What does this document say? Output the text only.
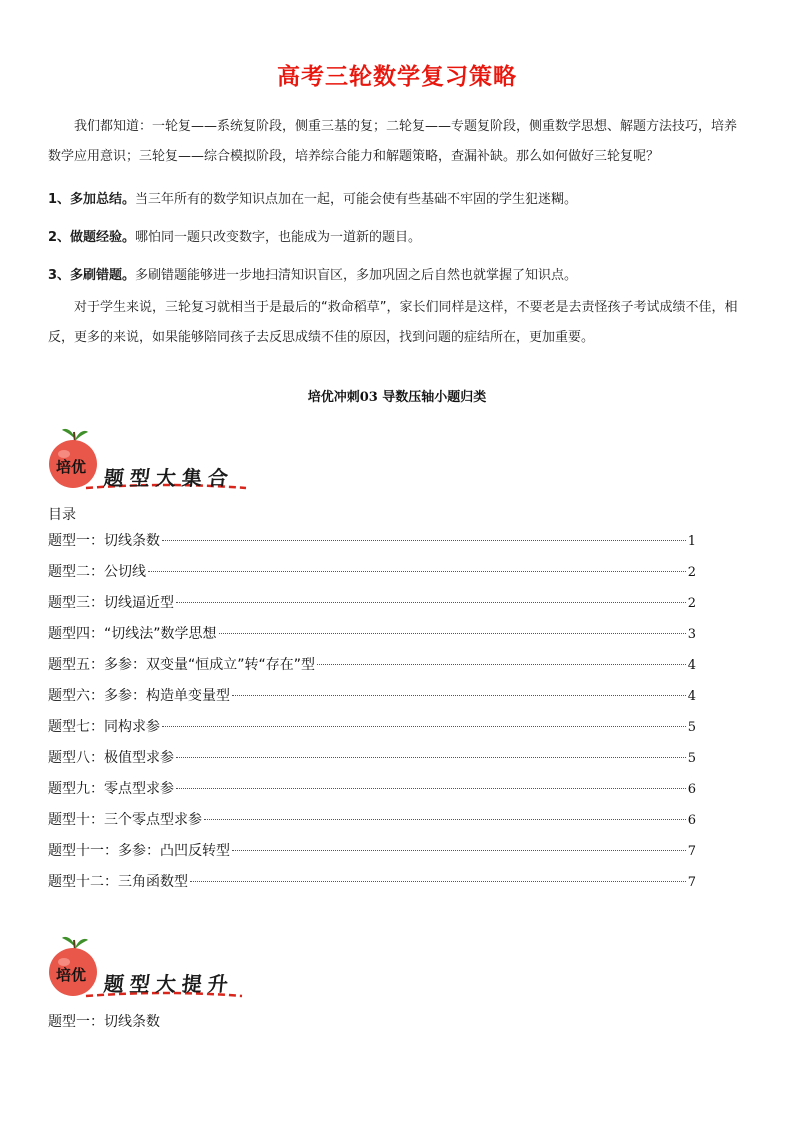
高考三轮数学复习策略
我们都知道：一轮复——系统复阶段，侧重三基的复；二轮复——专题复阶段，侧重数学思想、解题方法技巧，培养数学应用意识；三轮复——综合模拟阶段，培养综合能力和解题策略，查漏补缺。那么如何做好三轮复呢？
1、多加总结。当三年所有的数学知识点加在一起，可能会使有些基础不牢固的学生犯迷糊。
2、做题经验。哪怕同一题只改变数字，也能成为一道新的题目。
3、多刷错题。多刷错题能够进一步地扫清知识盲区，多加巩固之后自然也就掌握了知识点。
对于学生来说，三轮复习就相当于是最后的“救命稻草”，家长们同样是这样，不要老是去责怪孩子考试成绩不佳，相反，更多的来说，如果能够陪同孩子去反思成绩不佳的原因，找到问题的症结所在，更加重要。
培优冲刺03 导数压轴小题归类
培优 题型大集合
目录
题型一：切线条数	1
题型二：公切线	2
题型三：切线逼近型	2
题型四：“切线法”数学思想	3
题型五：多参：双变量“恒成立”转“存在”型	4
题型六：多参：构造单变量型	4
题型七：同构求参	5
题型八：极值型求参	5
题型九：零点型求参	6
题型十：三个零点型求参	6
题型十一：多参：凸凹反转型	7
题型十二：三角函数型	7
培优 题型大提升
题型一：切线条数
